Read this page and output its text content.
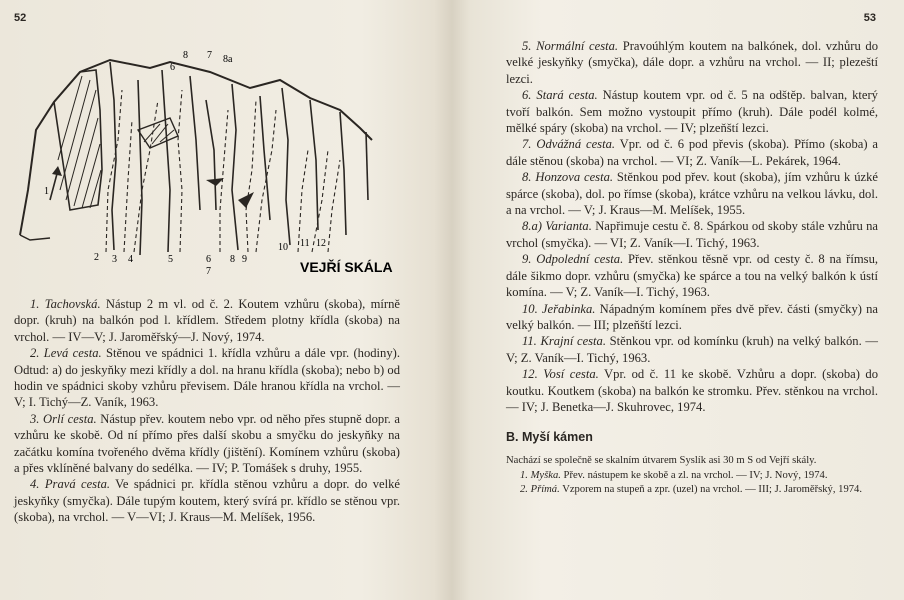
52
1
6
8 7 8a
2 3 4	5	6
7
8 9
10 11 12
VEJŘÍ SKÁLA

1. Tachovská. Nástup 2 m vl. od č. 2. Koutem vzhůru (skoba), mírně dopr. (kruh) na balkón pod l. křídlem. Středem plotny křídla (skoba) na vrchol. — IV—V; J. Jaroměřský—J. Nový, 1974.

2. Levá cesta. Stěnou ve spádnici 1. křídla vzhůru a dále vpr. (hodiny). Odtud: a) do jeskyňky mezi křídly a dol. na hranu křídla (skoba); nebo b) od hodin ve spádnici skoby vzhůru převisem. Dále hranou křídla na vrchol. — V; I. Tichý—Z. Vaník, 1963.

3. Orlí cesta. Nástup přev. koutem nebo vpr. od něho přes stupně dopr. a vzhůru ke skobě. Od ní přímo přes další skobu a smyčku do jeskyňky na začátku komína tvořeného dvěma křídly (jištění). Komínem vzhůru (skoba) a přes vklíněné balvany do sedélka. — IV; P. Tomášek s druhy, 1955.

4. Pravá cesta. Ve spádnici pr. křídla stěnou vzhůru a dopr. do velké jeskyňky (smyčka). Dále tupým koutem, který svírá pr. křídlo se stěnou vpr. (skoba), na vrchol. — V—VI; J. Kraus—M. Melíšek, 1956.

53

5. Normální cesta. Pravoúhlým koutem na balkónek, dol. vzhůru do velké jeskyňky (smyčka), dále dopr. a vzhůru na vrchol. — II; plezeští lezci.

6. Stará cesta. Nástup koutem vpr. od č. 5 na odštěp. balvan, který tvoří balkón. Sem možno vystoupit přímo (kruh). Dále podél kolmé, mělké spáry (skoba) na vrchol. — IV; plzeňští lezci.

7. Odvážná cesta. Vpr. od č. 6 pod převis (skoba). Přímo (skoba) a dále stěnou (skoba) na vrchol. — VI; Z. Vaník—L. Pekárek, 1964.

8. Honzova cesta. Stěnkou pod přev. kout (skoba), jím vzhůru k úzké spárce (skoba), dol. po římse (skoba), krátce vzhůru na velkou lávku, dol. a na vrchol. — V; J. Kraus—M. Melíšek, 1955.

8.a) Varianta. Napřimuje cestu č. 8. Spárkou od skoby stále vzhůru na vrchol (smyčka). — VI; Z. Vaník—I. Tichý, 1963.

9. Odpolední cesta. Přev. stěnkou těsně vpr. od cesty č. 8 na římsu, dále šikmo dopr. vzhůru (smyčka) ke spárce a tou na velký balkón k ústí komína. — V; Z. Vaník—I. Tichý, 1963.

10. Jeřabinka. Nápadným komínem přes dvě přev. části (smyčky) na velký balkón. — III; plzeňští lezci.

11. Krajní cesta. Stěnkou vpr. od komínku (kruh) na velký balkón. — V; Z. Vaník—I. Tichý, 1963.

12. Vosí cesta. Vpr. od č. 11 ke skobě. Vzhůru a dopr. (skoba) do koutku. Koutkem (skoba) na balkón ke stromku. Přev. stěnkou na vrchol. — IV; J. Benetka—J. Skuhrovec, 1974.

B. Myší kámen

Nachází se společně se skalním útvarem Syslík asi 30 m S od Vejří skály.

1. Myška. Přev. nástupem ke skobě a zl. na vrchol. — IV; J. Nový, 1974.

2. Přímá. Vzporem na stupeň a zpr. (uzel) na vrchol. — III; J. Jaroměřský, 1974.
